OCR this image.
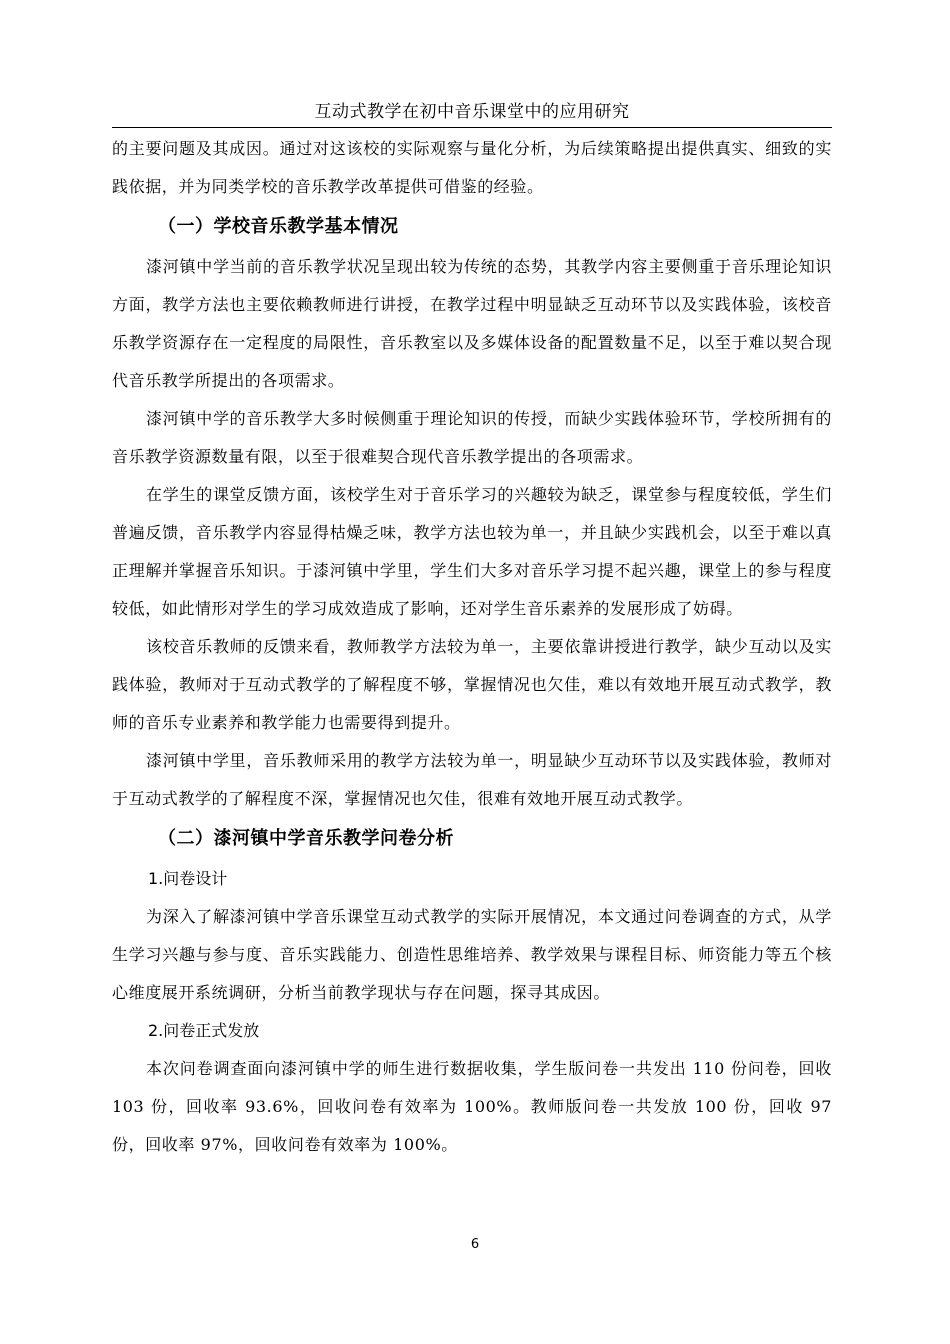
互动式教学在初中音乐课堂中的应用研究

的主要问题及其成因。通过对这该校的实际观察与量化分析，为后续策略提出提供真实、细致的实践依据，并为同类学校的音乐教学改革提供可借鉴的经验。

（一）学校音乐教学基本情况

漆河镇中学当前的音乐教学状况呈现出较为传统的态势，其教学内容主要侧重于音乐理论知识方面，教学方法也主要依赖教师进行讲授，在教学过程中明显缺乏互动环节以及实践体验，该校音乐教学资源存在一定程度的局限性，音乐教室以及多媒体设备的配置数量不足，以至于难以契合现代音乐教学所提出的各项需求。

漆河镇中学的音乐教学大多时候侧重于理论知识的传授，而缺少实践体验环节，学校所拥有的音乐教学资源数量有限，以至于很难契合现代音乐教学提出的各项需求。

在学生的课堂反馈方面，该校学生对于音乐学习的兴趣较为缺乏，课堂参与程度较低，学生们普遍反馈，音乐教学内容显得枯燥乏味，教学方法也较为单一，并且缺少实践机会，以至于难以真正理解并掌握音乐知识。于漆河镇中学里，学生们大多对音乐学习提不起兴趣，课堂上的参与程度较低，如此情形对学生的学习成效造成了影响，还对学生音乐素养的发展形成了妨碍。

该校音乐教师的反馈来看，教师教学方法较为单一，主要依靠讲授进行教学，缺少互动以及实践体验，教师对于互动式教学的了解程度不够，掌握情况也欠佳，难以有效地开展互动式教学，教师的音乐专业素养和教学能力也需要得到提升。

漆河镇中学里，音乐教师采用的教学方法较为单一，明显缺少互动环节以及实践体验，教师对于互动式教学的了解程度不深，掌握情况也欠佳，很难有效地开展互动式教学。

（二）漆河镇中学音乐教学问卷分析
1.问卷设计

为深入了解漆河镇中学音乐课堂互动式教学的实际开展情况，本文通过问卷调查的方式，从学生学习兴趣与参与度、音乐实践能力、创造性思维培养、教学效果与课程目标、师资能力等五个核心维度展开系统调研，分析当前教学现状与存在问题，探寻其成因。

2.问卷正式发放

本次问卷调查面向漆河镇中学的师生进行数据收集，学生版问卷一共发出 110 份问卷，回收 103 份，回收率 93.6%，回收问卷有效率为 100%。教师版问卷一共发放 100 份，回收 97 份，回收率 97%，回收问卷有效率为 100%。

6
